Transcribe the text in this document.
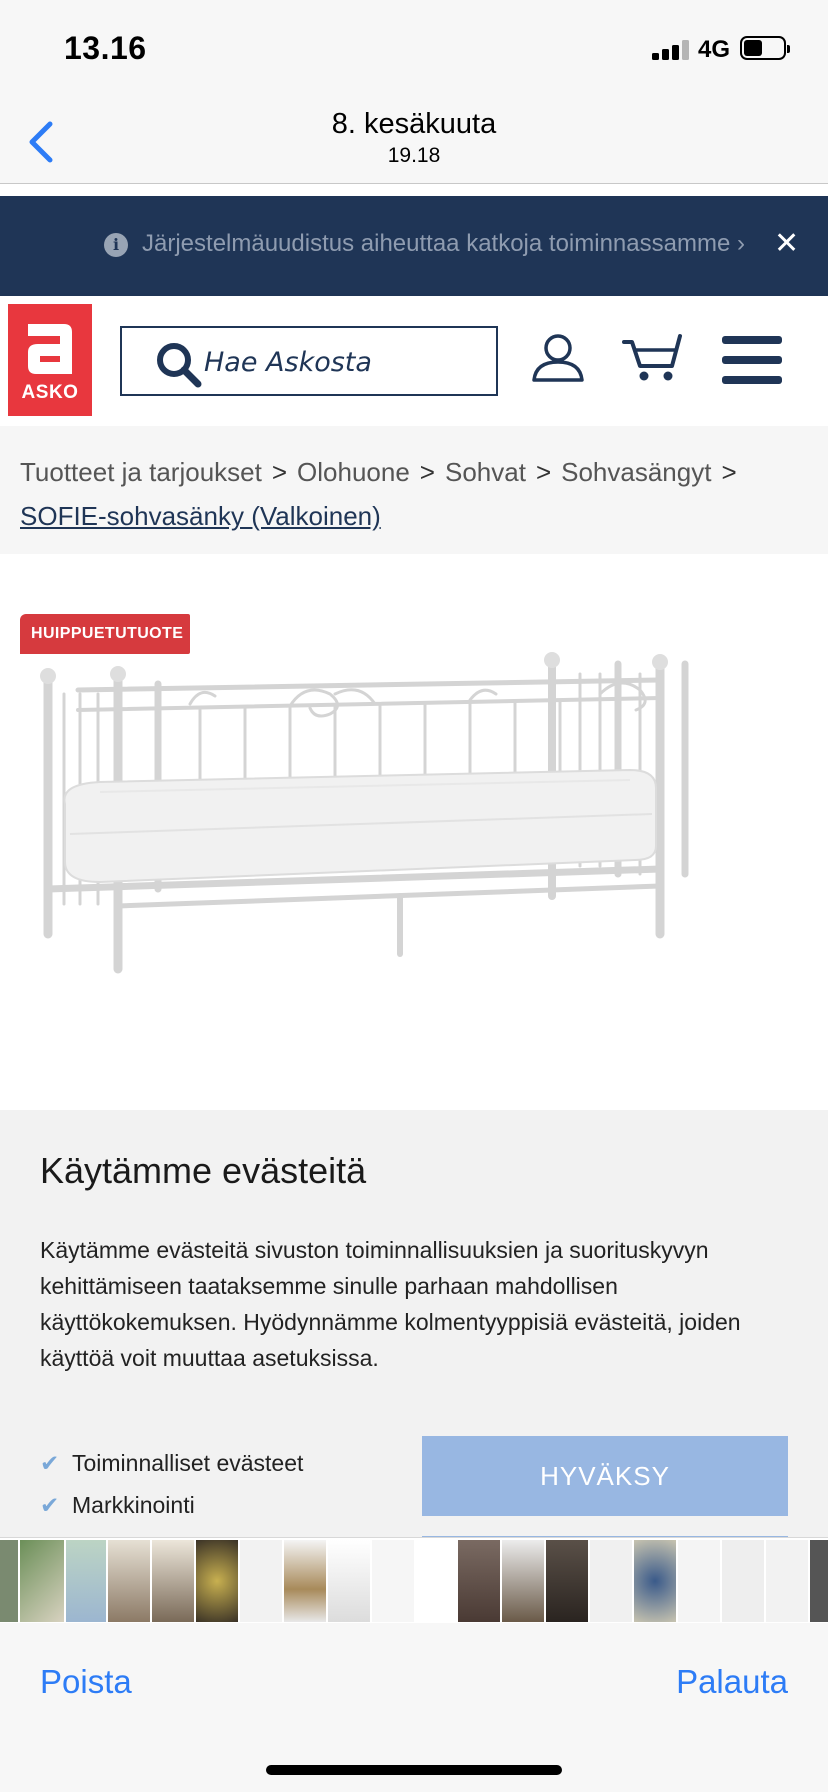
13.16	4G
8. kesäkuuta
19.18
i Järjestelmäuudistus aiheuttaa katkoja toiminnassamme › ✕
ASKO
Hae Askosta
Tuotteet ja tarjoukset > Olohuone > Sohvat > Sohvasängyt >
SOFIE-sohvasänky (Valkoinen)
HUIPPUETUTUOTE
Käytämme evästeitä
Käytämme evästeitä sivuston toiminnallisuuksien ja suorituskyvyn kehittämiseen taataksemme sinulle parhaan mahdollisen käyttökokemuksen. Hyödynnämme kolmentyyppisiä evästeitä, joiden käyttöä voit muuttaa asetuksissa.
✔ Toiminnalliset evästeet
✔ Markkinointi
HYVÄKSY
Poista	Palauta
